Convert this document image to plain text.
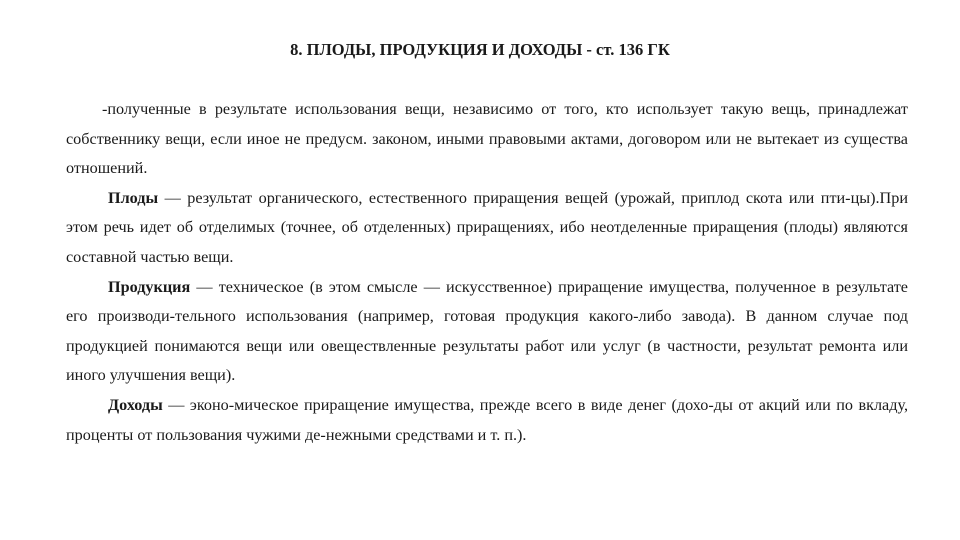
8. ПЛОДЫ, ПРОДУКЦИЯ И ДОХОДЫ - ст. 136 ГК

-полученные в результате использования вещи, независимо от того, кто использует такую вещь, принадлежат собственнику вещи, если иное не предусм. законом, иными правовыми актами, договором или не вытекает из существа отношений.

Плоды — результат органического, естественного приращения вещей (урожай, приплод скота или пти-цы).При этом речь идет об отделимых (точнее, об отделенных) приращениях, ибо неотделенные приращения (плоды) являются составной частью вещи.

Продукция — техническое (в этом смысле — искусственное) приращение имущества, полученное в результате его производи-тельного использования (например, готовая продукция какого-либо завода). В данном случае под продукцией понимаются вещи или овеществленные результаты работ или услуг (в частности, результат ремонта или иного улучшения вещи).

Доходы — эконо-мическое приращение имущества, прежде всего в виде денег (дохо-ды от акций или по вкладу, проценты от пользования чужими де-нежными средствами и т. п.).
